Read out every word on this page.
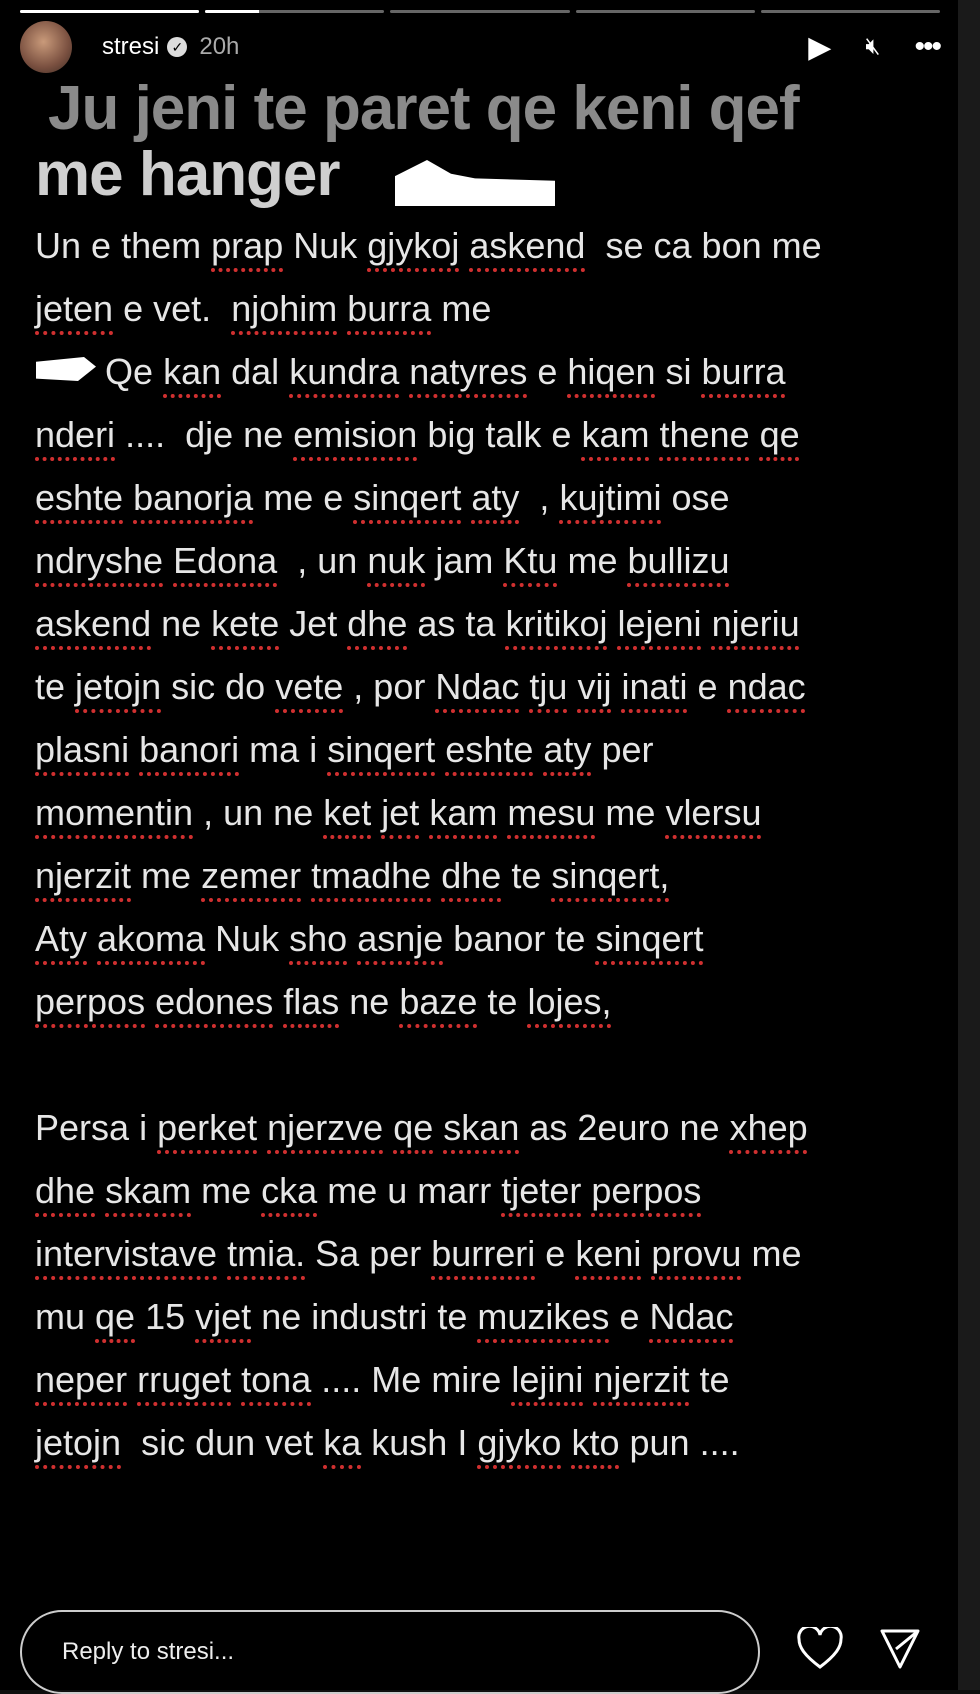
stresi ✓ 20h	▶ 🔇︎ •••
Ju jeni te paret qe keni qef
me hanger
Un e them prap Nuk gjykoj askend se ca bon me
jeten e vet. njohim burra me
Qe kan dal kundra natyres e hiqen si burra
nderi .... dje ne emision big talk e kam thene qe
eshte banorja me e sinqert aty , kujtimi ose
ndryshe Edona , un nuk jam Ktu me bullizu
askend ne kete Jet dhe as ta kritikoj lejeni njeriu
te jetojn sic do vete , por Ndac tju vij inati e ndac
plasni banori ma i sinqert eshte aty per
momentin , un ne ket jet kam mesu me vlersu
njerzit me zemer tmadhe dhe te sinqert,
Aty akoma Nuk sho asnje banor te sinqert
perpos edones flas ne baze te lojes,
Persa i perket njerzve qe skan as 2euro ne xhep
dhe skam me cka me u marr tjeter perpos
intervistave tmia. Sa per burreri e keni provu me
mu qe 15 vjet ne industri te muzikes e Ndac
neper rruget tona .... Me mire lejini njerzit te
jetojn sic dun vet ka kush I gjyko kto pun ....
Reply to stresi...
